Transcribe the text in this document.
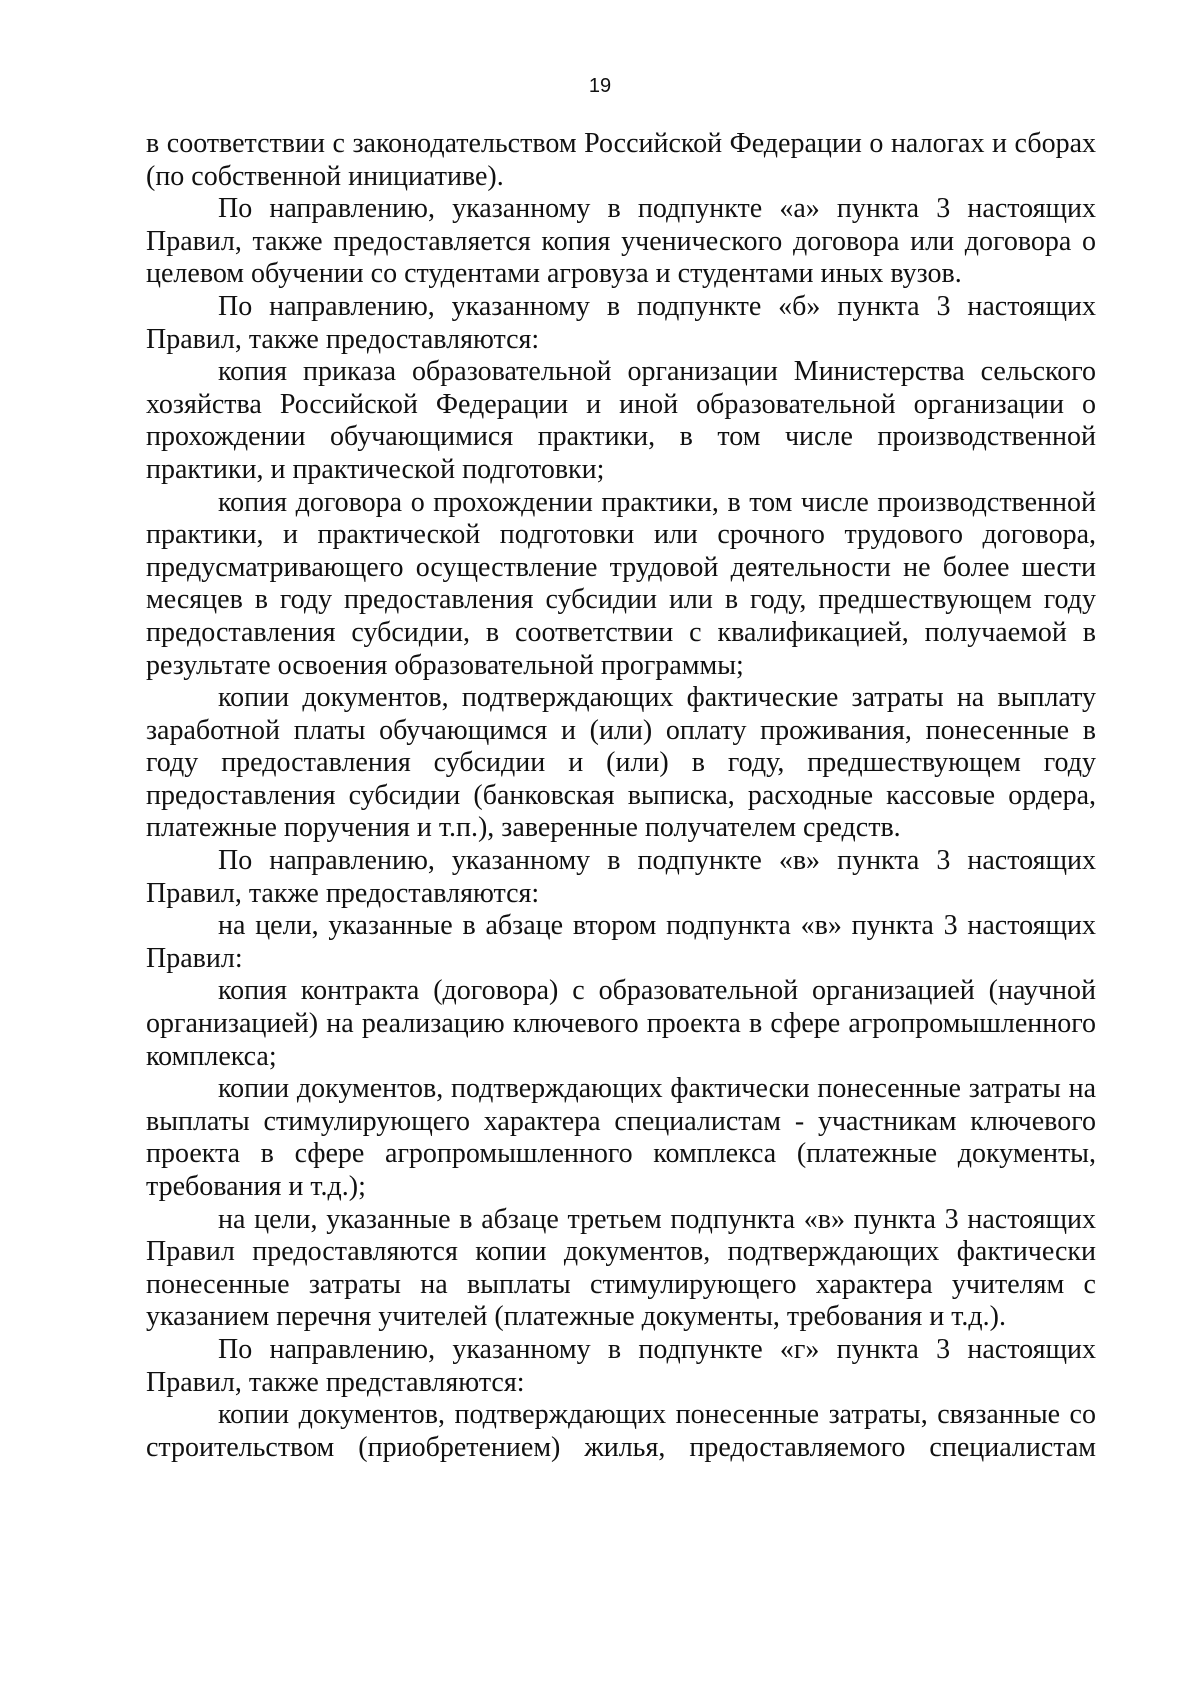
19

в соответствии с законодательством Российской Федерации о налогах и сборах (по собственной инициативе).

По направлению, указанному в подпункте «а» пункта 3 настоящих Правил, также предоставляется копия ученического договора или договора о целевом обучении со студентами агровуза и студентами иных вузов.

По направлению, указанному в подпункте «б» пункта 3 настоящих Правил, также предоставляются:

копия приказа образовательной организации Министерства сельского хозяйства Российской Федерации и иной образовательной организации о прохождении обучающимися практики, в том числе производственной практики, и практической подготовки;

копия договора о прохождении практики, в том числе производственной практики, и практической подготовки или срочного трудового договора, предусматривающего осуществление трудовой деятельности не более шести месяцев в году предоставления субсидии или в году, предшествующем году предоставления субсидии, в соответствии с квалификацией, получаемой в результате освоения образовательной программы;

копии документов, подтверждающих фактические затраты на выплату заработной платы обучающимся и (или) оплату проживания, понесенные в году предоставления субсидии и (или) в году, предшествующем году предоставления субсидии (банковская выписка, расходные кассовые ордера, платежные поручения и т.п.), заверенные получателем средств.

По направлению, указанному в подпункте «в» пункта 3 настоящих Правил, также предоставляются:

на цели, указанные в абзаце втором подпункта «в» пункта 3 настоящих Правил:

копия контракта (договора) с образовательной организацией (научной организацией) на реализацию ключевого проекта в сфере агропромышленного комплекса;

копии документов, подтверждающих фактически понесенные затраты на выплаты стимулирующего характера специалистам - участникам ключевого проекта в сфере агропромышленного комплекса (платежные документы, требования и т.д.);

на цели, указанные в абзаце третьем подпункта «в» пункта 3 настоящих Правил предоставляются копии документов, подтверждающих фактически понесенные затраты на выплаты стимулирующего характера учителям с указанием перечня учителей (платежные документы, требования и т.д.).

По направлению, указанному в подпункте «г» пункта 3 настоящих Правил, также представляются:

копии документов, подтверждающих понесенные затраты, связанные со строительством (приобретением) жилья, предоставляемого специалистам
